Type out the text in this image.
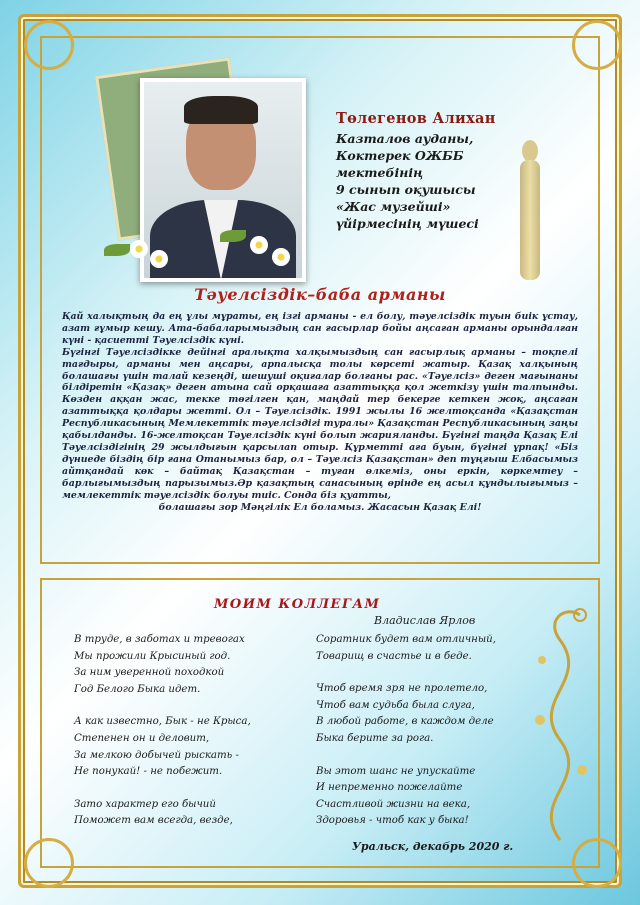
Төлегенов Алихан
Казталов ауданы,
Коктерек ОЖББ
мектебінің
9 сынып оқушысы
«Жас музейші»
үйірмесінің мүшесі
Тәуелсіздік–баба арманы

Қай халықтың да ең ұлы мұраты, ең ізгі арманы - ел болу, тәуелсіздік туын биік ұстау, азат ғұмыр кешу. Ата-бабаларымыздың сан ғасырлар бойы аңсаған арманы орындалған күні - қасиетті Тәуелсіздік күні.

Бүгінгі Тәуелсіздікке дейінгі аралықта халқымыздың сан ғасырлық арманы – тоқпелі тағдыры, арманы мен аңсары, арпалысқа толы көрсеті жатыр. Қазақ халқының болашағы үшін талай кезеңді, шешуші оқиғалар болғаны рас. «Тәуелсіз» деген мағынаны білдіретін «Қазақ» деген атына сай орқашаға азаттыққа қол жеткізу үшін талпынды. Көзден аққан жас, текке төгілген қан, маңдай тер бекерге кеткен жоқ, аңсаған азаттыққа қолдары жетті. Ол – Тәуелсіздік. 1991 жылы 16 желтоқсанда «Қазақстан Республикасының Мемлекеттік тәуелсіздігі туралы» Қазақстан Республикасының заңы қабылданды. 16-желтоқсан Тәуелсіздік күні болып жарияланды. Бүгінгі таңда Қазақ Елі Тәуелсіздігінің 29 жылдығын қарсылап отыр. Құрметті аға буын, бүгінгі ұрпақ! «Біз дүниеде біздің бір ғана Отанымыз бар, ол – Тәуелсіз Қазақстан» деп тұңғыш Елбасымыз айтқандай көк – байтақ Қазақстан – туған өлкеміз, оны еркін, көркемтеу – барлығымыздың парызымыз.Әр қазақтың санасының өрінде ең асыл құндылығымыз – мемлекеттік тәуелсіздік болуы тиіс. Сонда біз қуатты,

болашағы зор Мәңгілік Ел боламыз. Жасасын Қазақ Елі!

МОИМ КОЛЛЕГАМ
Владислав Ярлов
В труде, в заботах и тревогах
Мы прожили Крысиный год.
За ним уверенной походкой
Год Белого Быка идет.
А как известно, Бык - не Крыса,
Степенен он и деловит,
За мелкою добычей рыскать -
Не понукай! - не побежит.
Зато характер его бычий
Поможет вам всегда, везде,
Соратник будет вам отличный,
Товарищ в счастье и в беде.
Чтоб время зря не пролетело,
Чтоб вам судьба была слуга,
В любой работе, в каждом деле
Быка берите за рога.
Вы этот шанс не упускайте
И непременно пожелайте
Счастливой жизни на века,
Здоровья - чтоб как у быка!
Уральск, декабрь 2020 г.
